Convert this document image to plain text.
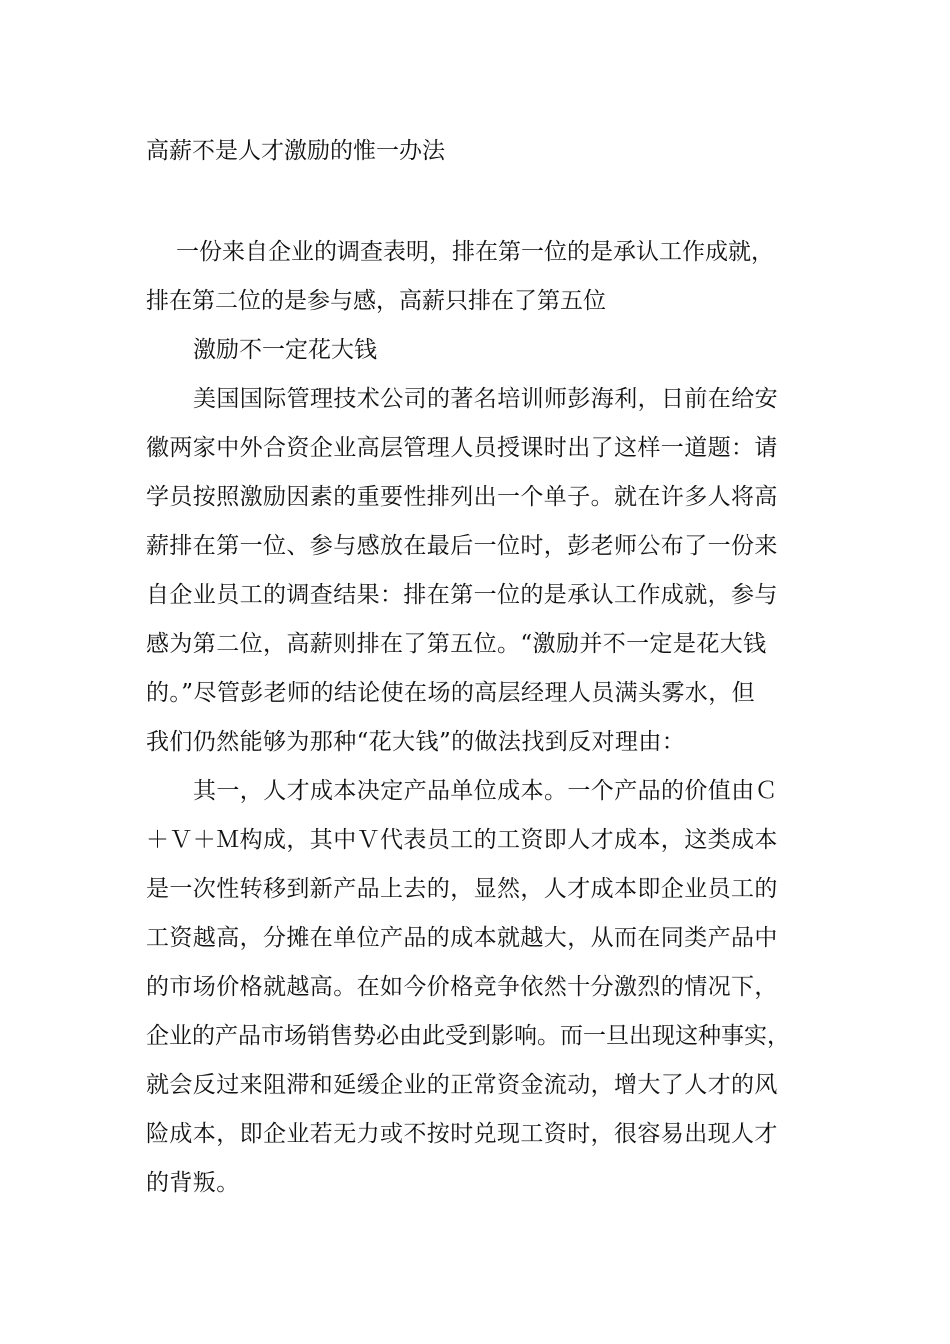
高薪不是人才激励的惟一办法
一份来自企业的调查表明，排在第一位的是承认工作成就，
排在第二位的是参与感，高薪只排在了第五位
激励不一定花大钱
美国国际管理技术公司的著名培训师彭海利，日前在给安
徽两家中外合资企业高层管理人员授课时出了这样一道题：请
学员按照激励因素的重要性排列出一个单子。就在许多人将高
薪排在第一位、参与感放在最后一位时，彭老师公布了一份来
自企业员工的调查结果：排在第一位的是承认工作成就，参与
感为第二位，高薪则排在了第五位。“激励并不一定是花大钱
的。”尽管彭老师的结论使在场的高层经理人员满头雾水，但
我们仍然能够为那种“花大钱”的做法找到反对理由：
其一，人才成本决定产品单位成本。一个产品的价值由Ｃ
＋Ｖ＋Ｍ构成，其中Ｖ代表员工的工资即人才成本，这类成本
是一次性转移到新产品上去的，显然，人才成本即企业员工的
工资越高，分摊在单位产品的成本就越大，从而在同类产品中
的市场价格就越高。在如今价格竞争依然十分激烈的情况下，
企业的产品市场销售势必由此受到影响。而一旦出现这种事实，
就会反过来阻滞和延缓企业的正常资金流动，增大了人才的风
险成本，即企业若无力或不按时兑现工资时，很容易出现人才
的背叛。
